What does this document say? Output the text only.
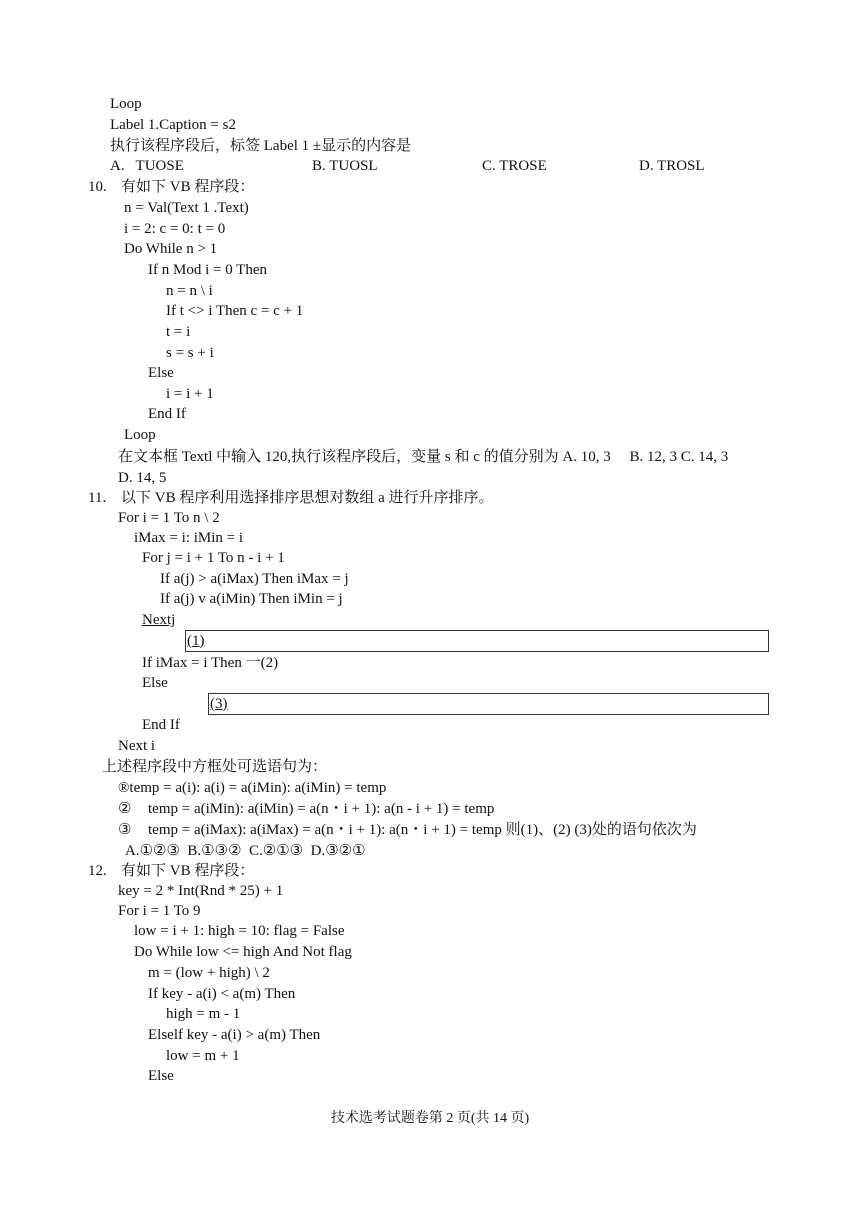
Loop
Label 1.Caption = s2
执行该程序段后，标签 Label 1 ±显示的内容是
A.   TUOSE	B. TUOSL	C. TROSE	D. TROSL
10. 有如下 VB 程序段：
n = Val(Text 1 .Text)
i = 2: c = 0: t = 0
Do While n > 1
If n Mod i = 0 Then
n = n \ i
If t <> i Then c = c + 1
t = i
s = s + i
Else
i = i + 1
End If
Loop
在文本框 Textl 中输入 120,执行该程序段后，变量 s 和 c 的值分别为 A. 10, 3     B. 12, 3 C. 14, 3
D. 14, 5
11. 以下 VB 程序利用选择排序思想对数组 a 进行升序排序。
For i = 1 To n \ 2
iMax = i: iMin = i
For j = i + 1 To n - i + 1
If a(j) > a(iMax) Then iMax = j
If a(j) v a(iMin) Then iMin = j
Nextj
(1)
If iMax = i Then 一(2)
Else
(3)
End If
Next i
上述程序段中方框处可选语句为：
®temp = a(i): a(i) = a(iMin): a(iMin) = temp
② temp = a(iMin): a(iMin) = a(n・i + 1): a(n - i + 1) = temp
③ temp = a(iMax): a(iMax) = a(n・i + 1): a(n・i + 1) = temp 则(1)、(2) (3)处的语句依次为
A.①②③  B.①③②  C.②①③  D.③②①
12. 有如下 VB 程序段：
key = 2 * Int(Rnd * 25) + 1
For i = 1 To 9
low = i + 1: high = 10: flag = False
Do While low <= high And Not flag
m = (low + high) \ 2
If key - a(i) < a(m) Then
high = m - 1
Elself key - a(i) > a(m) Then
low = m + 1
Else
技术选考试题卷第 2 页(共 14 页)
